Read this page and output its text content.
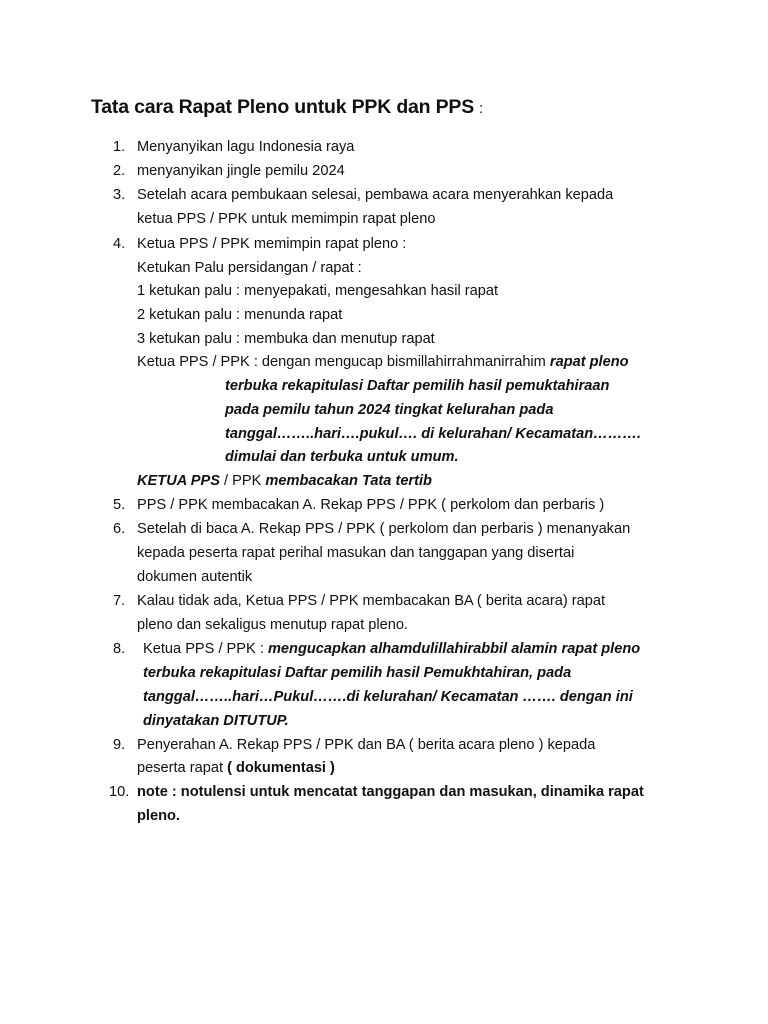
Tata cara Rapat Pleno untuk PPK dan PPS :
1. Menyanyikan lagu Indonesia raya
2. menyanyikan jingle pemilu 2024
3. Setelah acara pembukaan selesai, pembawa acara menyerahkan kepada
ketua PPS / PPK untuk memimpin rapat pleno
4. Ketua PPS / PPK memimpin rapat pleno :
Ketukan Palu persidangan / rapat :
1 ketukan palu : menyepakati, mengesahkan hasil rapat
2 ketukan palu : menunda rapat
3 ketukan palu : membuka dan menutup rapat
Ketua PPS / PPK : dengan mengucap bismillahirrahmanirrahim rapat pleno
terbuka rekapitulasi Daftar pemilih hasil pemuktahiraan
pada pemilu tahun 2024 tingkat kelurahan pada
tanggal……..hari….pukul…. di kelurahan/ Kecamatan……….
dimulai dan terbuka untuk umum.
KETUA PPS / PPK membacakan Tata tertib
5. PPS / PPK membacakan A. Rekap PPS / PPK ( perkolom dan perbaris )
6. Setelah di baca A. Rekap PPS / PPK ( perkolom dan perbaris ) menanyakan
kepada peserta rapat perihal masukan dan tanggapan yang disertai
dokumen autentik
7. Kalau tidak ada, Ketua PPS / PPK membacakan BA ( berita acara) rapat
pleno dan sekaligus menutup rapat pleno.
8. Ketua PPS / PPK : mengucapkan alhamdulillahirabbil alamin rapat pleno
terbuka rekapitulasi Daftar pemilih hasil Pemukhtahiran, pada
tanggal……..hari…Pukul…….di kelurahan/ Kecamatan ……. dengan ini
dinyatakan DITUTUP.
9. Penyerahan A. Rekap PPS / PPK dan BA ( berita acara pleno ) kepada
peserta rapat ( dokumentasi )
10. note : notulensi untuk mencatat tanggapan dan masukan, dinamika rapat
pleno.
